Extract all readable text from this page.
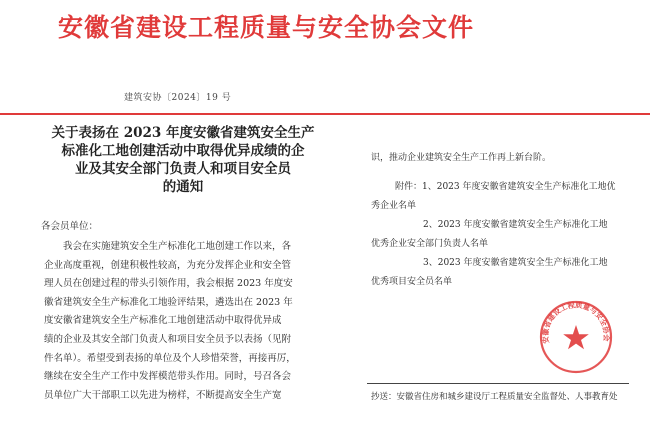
安徽省建设工程质量与安全协会文件
建筑安协〔2024〕19 号
关于表扬在 2023 年度安徽省建筑安全生产
标准化工地创建活动中取得优异成绩的企
业及其安全部门负责人和项目安全员
的通知
各会员单位：
我会在实施建筑安全生产标准化工地创建工作以来，各
企业高度重视，创建积极性较高，为充分发挥企业和安全管
理人员在创建过程的带头引领作用，我会根据 2023 年度安
徽省建筑安全生产标准化工地验评结果，遴选出在 2023 年
度安徽省建筑安全生产标准化工地创建活动中取得优异成
绩的企业及其安全部门负责人和项目安全员予以表扬（见附
件名单）。希望受到表扬的单位及个人珍惜荣誉，再接再厉，
继续在安全生产工作中发挥模范带头作用。同时，号召各会
员单位广大干部职工以先进为榜样，不断提高安全生产宽
识，推动企业建筑安全生产工作再上新台阶。
附件：1、2023 年度安徽省建筑安全生产标准化工地优
秀企业名单
2、2023 年度安徽省建筑安全生产标准化工地
优秀企业安全部门负责人名单
3、2023 年度安徽省建筑安全生产标准化工地
优秀项目安全员名单
安徽省建设工程质量与安全协会
抄送：安徽省住房和城乡建设厅工程质量安全监督处、人事教育处
